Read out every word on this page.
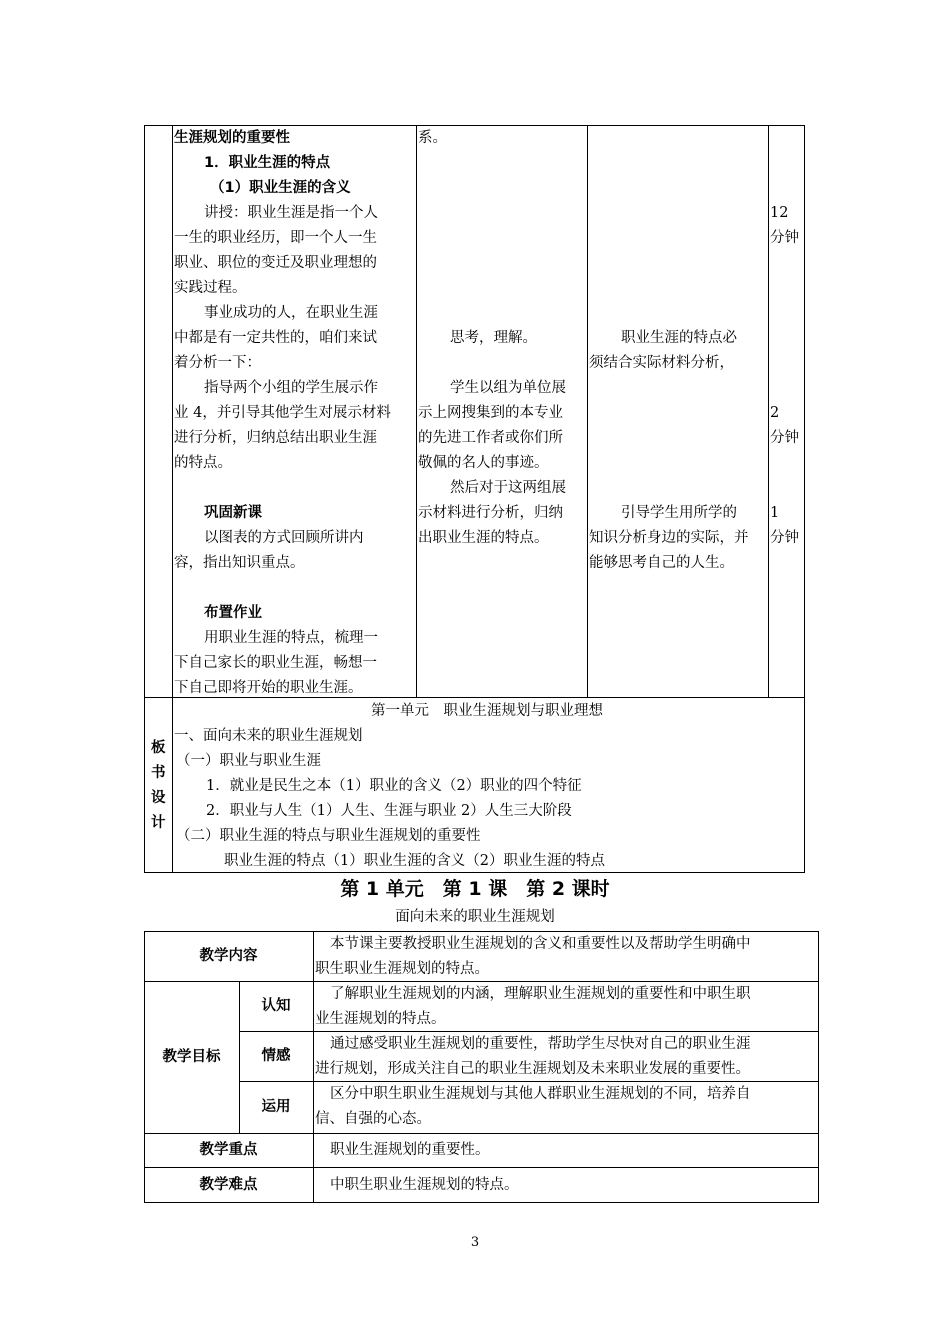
生涯规划的重要性
1．职业生涯的特点
（1）职业生涯的含义
讲授：职业生涯是指一个人
一生的职业经历，即一个人一生
职业、职位的变迁及职业理想的
实践过程。
事业成功的人，在职业生涯
中都是有一定共性的，咱们来试
着分析一下：
指导两个小组的学生展示作
业 4，并引导其他学生对展示材料
进行分析，归纳总结出职业生涯
的特点。
巩固新课
以图表的方式回顾所讲内
容，指出知识重点。
布置作业
用职业生涯的特点，梳理一
下自己家长的职业生涯，畅想一
下自己即将开始的职业生涯。
系。
思考，理解。
学生以组为单位展
示上网搜集到的本专业
的先进工作者或你们所
敬佩的名人的事迹。
然后对于这两组展
示材料进行分析，归纳
出职业生涯的特点。
职业生涯的特点必
须结合实际材料分析，
引导学生用所学的
知识分析身边的实际，并
能够思考自己的人生。
12
分钟
2
分钟
1
分钟
板
书
设
计
第一单元　职业生涯规划与职业理想
一、面向未来的职业生涯规划
（一）职业与职业生涯
1．就业是民生之本（1）职业的含义（2）职业的四个特征
2．职业与人生（1）人生、生涯与职业 2）人生三大阶段
（二）职业生涯的特点与职业生涯规划的重要性
职业生涯的特点（1）职业生涯的含义（2）职业生涯的特点
第 1 单元　第 1 课　第 2 课时
面向未来的职业生涯规划
教学内容
本节课主要教授职业生涯规划的含义和重要性以及帮助学生明确中
职生职业生涯规划的特点。
教学目标
认知
了解职业生涯规划的内涵，理解职业生涯规划的重要性和中职生职
业生涯规划的特点。
情感
通过感受职业生涯规划的重要性，帮助学生尽快对自己的职业生涯
进行规划，形成关注自己的职业生涯规划及未来职业发展的重要性。
运用
区分中职生职业生涯规划与其他人群职业生涯规划的不同，培养自
信、自强的心态。
教学重点	职业生涯规划的重要性。
教学难点	中职生职业生涯规划的特点。
3
